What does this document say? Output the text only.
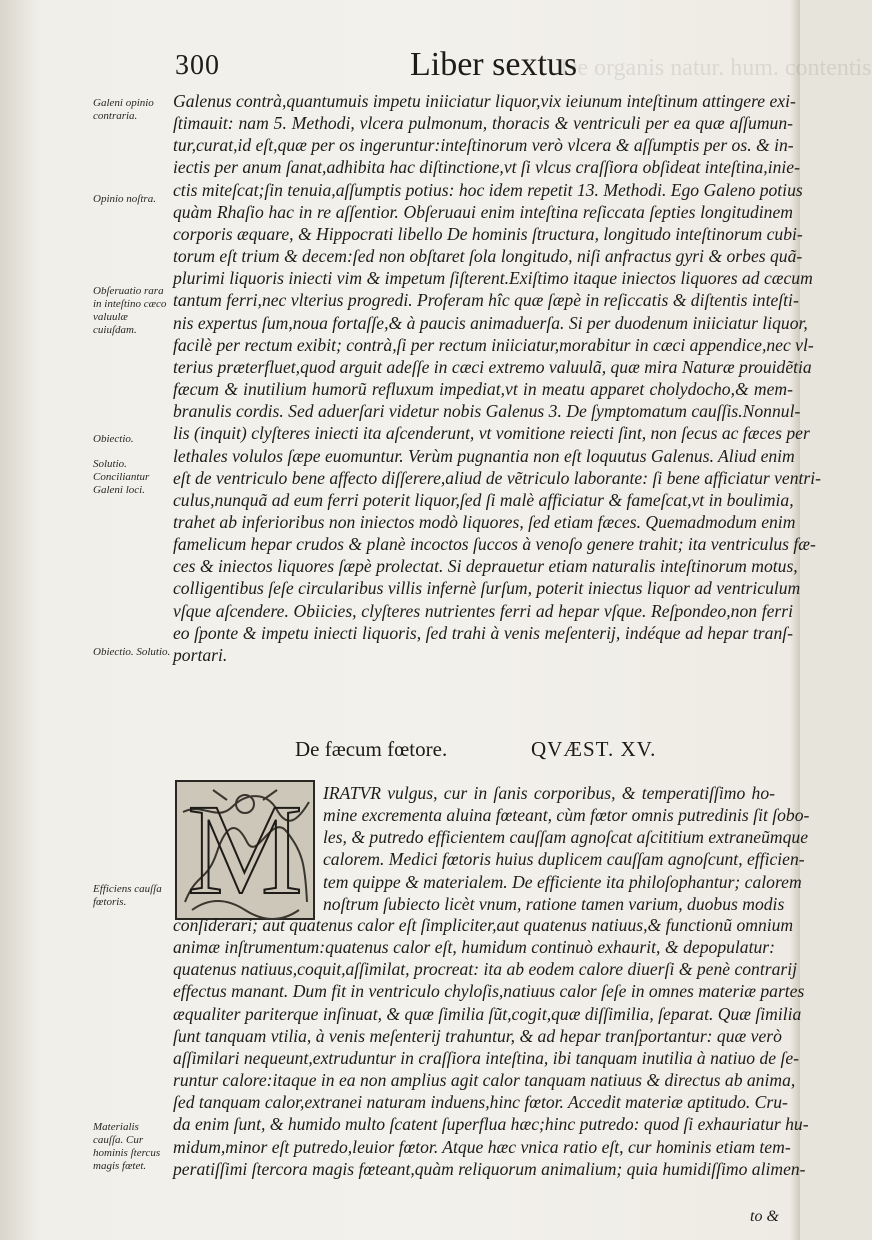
De organis natur. hum. contentis
300	Liber sextus
Galeni opinio contraria.
Opinio noſtra.
Obſeruatio rara in inteſtino cæco valuulæ cuiuſdam.
Obiectio.
Solutio. Conciliantur Galeni loci.
Obiectio. Solutio.
Efficiens cauſſa fœtoris.
Materialis cauſſa. Cur hominis ſtercus magis fœtet.
Galenus contrà,quantumuis impetu iniiciatur liquor,vix ieiunum inteſtinum attingere exi-
ſtimauit: nam 5. Methodi, vlcera pulmonum, thoracis & ventriculi per ea quæ aſſumun-
tur,curat,id eſt,quæ per os ingeruntur:inteſtinorum verò vlcera & aſſumptis per os. & in-
iectis per anum ſanat,adhibita hac diſtinctione,vt ſi vlcus craſſiora obſideat inteſtina,inie-
ctis miteſcat;ſin tenuia,aſſumptis potius: hoc idem repetit 13. Methodi. Ego Galeno potius
quàm Rhaſio hac in re aſſentior. Obſeruaui enim inteſtina reſiccata ſepties longitudinem
corporis æquare, & Hippocrati libello De hominis ſtructura, longitudo inteſtinorum cubi-
torum eſt trium & decem:ſed non obſtaret ſola longitudo, niſi anfractus gyri & orbes quã-
plurimi liquoris iniecti vim & impetum ſiſterent.Exiſtimo itaque iniectos liquores ad cæcum
tantum ferri,nec vlterius progredi. Proferam hîc quæ ſæpè in reſiccatis & diſtentis inteſti-
nis expertus ſum,noua fortaſſe,& à paucis animaduerſa. Si per duodenum iniiciatur liquor,
facilè per rectum exibit; contrà,ſi per rectum iniiciatur,morabitur in cæci appendice,nec vl-
terius præterfluet,quod arguit adeſſe in cæci extremo valuulã, quæ mira Naturæ prouidẽtia
fæcum & inutilium humorũ refluxum impediat,vt in meatu apparet cholydocho,& mem-
branulis cordis. Sed aduerſari videtur nobis Galenus 3. De ſymptomatum cauſſis.Nonnul-
lis (inquit) clyſteres iniecti ita aſcenderunt, vt vomitione reiecti ſint, non ſecus ac fæces per
lethales volulos ſæpe euomuntur. Verùm pugnantia non eſt loquutus Galenus. Aliud enim
eſt de ventriculo bene affecto diſſerere,aliud de vẽtriculo laborante: ſi bene afficiatur ventri-
culus,nunquã ad eum ferri poterit liquor,ſed ſi malè afficiatur & fameſcat,vt in boulimia,
trahet ab inferioribus non iniectos modò liquores, ſed etiam fæces. Quemadmodum enim
famelicum hepar crudos & planè incoctos ſuccos à venoſo genere trahit; ita ventriculus fæ-
ces & iniectos liquores ſæpè prolectat. Si deprauetur etiam naturalis inteſtinorum motus,
colligentibus ſeſe circularibus villis infernè ſurſum, poterit iniectus liquor ad ventriculum
vſque aſcendere. Obiicies, clyſteres nutrientes ferri ad hepar vſque. Reſpondeo,non ferri
eo ſponte & impetu iniecti liquoris, ſed trahi à venis meſenterij, indéque ad hepar tranſ-
portari.
De fæcum fœtore.	QVÆST. XV.
M	IRATVR vulgus, cur in ſanis corporibus, & temperatiſſimo ho-
mine excrementa aluina fœteant, cùm fœtor omnis putredinis ſit ſobo-
les, & putredo efficientem cauſſam agnoſcat aſcititium extraneũmque
calorem. Medici fœtoris huius duplicem cauſſam agnoſcunt, efficien-
tem quippe & materialem. De efficiente ita philoſophantur; calorem
noſtrum ſubiecto licèt vnum, ratione tamen varium, duobus modis
conſiderari; aut quatenus calor eſt ſimpliciter,aut quatenus natiuus,& functionũ omnium
animæ inſtrumentum:quatenus calor eſt, humidum continuò exhaurit, & depopulatur:
quatenus natiuus,coquit,aſſimilat, procreat: ita ab eodem calore diuerſi & penè contrarij
effectus manant. Dum fit in ventriculo chyloſis,natiuus calor ſeſe in omnes materiæ partes
æqualiter pariterque inſinuat, & quæ ſimilia ſũt,cogit,quæ diſſimilia, ſeparat. Quæ ſimilia
ſunt tanquam vtilia, à venis meſenterij trahuntur, & ad hepar tranſportantur: quæ verò
aſſimilari nequeunt,extruduntur in craſſiora inteſtina, ibi tanquam inutilia à natiuo de ſe-
runtur calore:itaque in ea non amplius agit calor tanquam natiuus & directus ab anima,
ſed tanquam calor,extranei naturam induens,hinc fœtor. Accedit materiæ aptitudo. Cru-
da enim ſunt, & humido multo ſcatent ſuperflua hæc;hinc putredo: quod ſi exhauriatur hu-
midum,minor eſt putredo,leuior fœtor. Atque hæc vnica ratio eſt, cur hominis etiam tem-
peratiſſimi ſtercora magis fœteant,quàm reliquorum animalium; quia humidiſſimo alimen-
to &
